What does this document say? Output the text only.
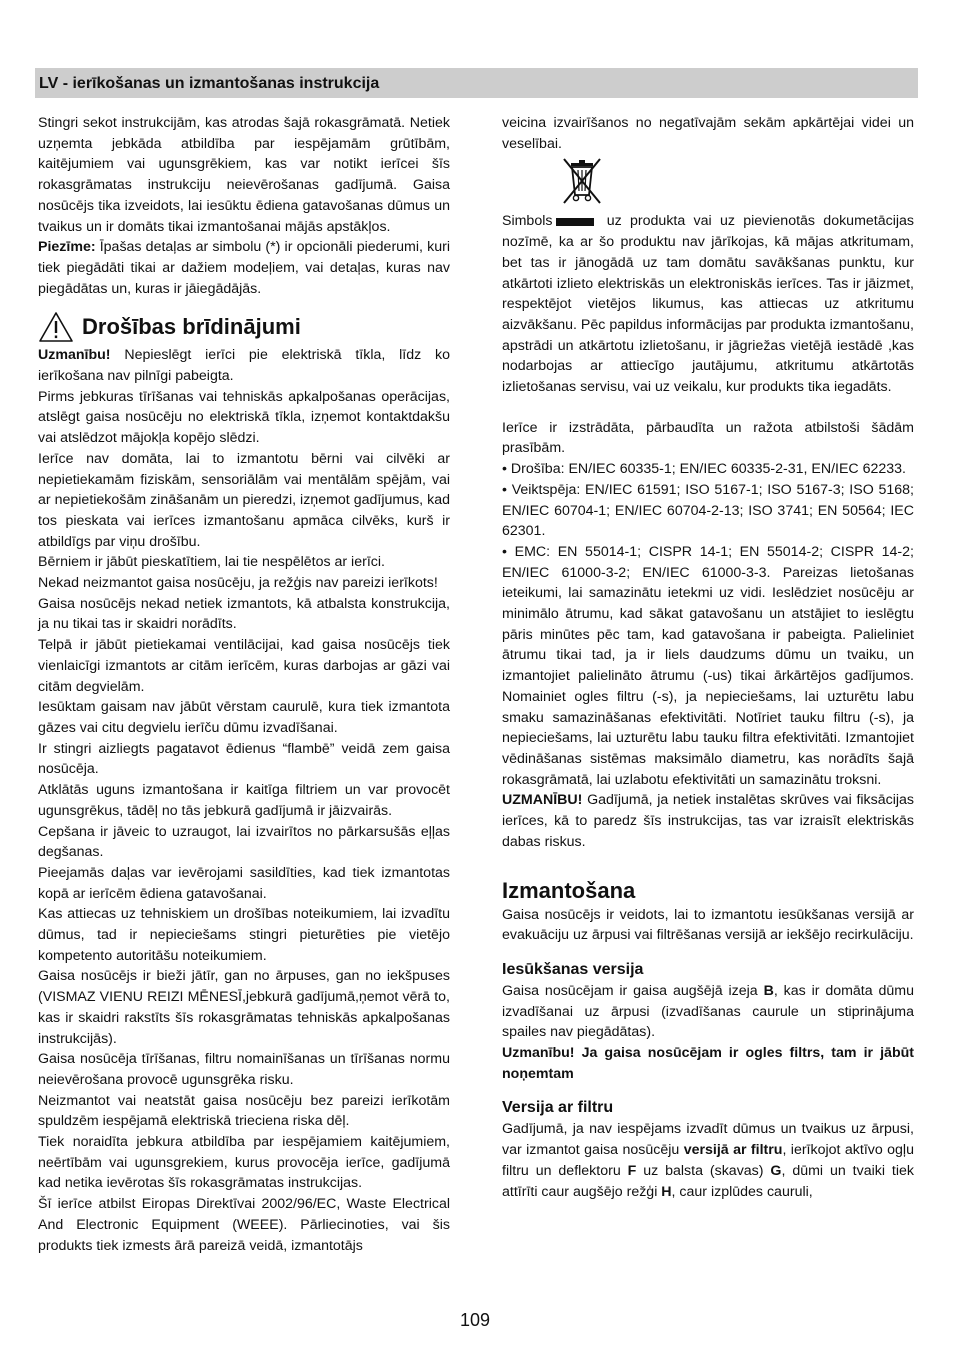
LV - ierīkošanas un izmantošanas instrukcija

Stingri sekot instrukcijām, kas atrodas šajā rokasgrāmatā. Netiek uzņemta jebkāda atbildība par iespējamām grūtībām, kaitējumiem vai ugunsgrēkiem, kas var notikt ierīcei šīs rokasgrāmatas instrukciju neievērošanas gadījumā. Gaisa nosūcējs tika izveidots, lai iesūktu ēdiena gatavošanas dūmus un tvaikus un ir domāts tikai izmantošanai mājās apstākļos.

Piezīme: Īpašas detaļas ar simbolu (*) ir opcionāli piederumi, kuri tiek piegādāti tikai ar dažiem modeļiem, vai detaļas, kuras nav piegādātas un, kuras ir jāiegādājās.

Drošības brīdinājumi

Uzmanību! Nepieslēgt ierīci pie elektriskā tīkla, līdz ko ierīkošana nav pilnīgi pabeigta.

Pirms jebkuras tīrīšanas vai tehniskās apkalpošanas operācijas, atslēgt gaisa nosūcēju no elektriskā tīkla, izņemot kontaktdakšu vai atslēdzot mājokļa kopējo slēdzi.

Ierīce nav domāta, lai to izmantotu bērni vai cilvēki ar nepietiekamām fiziskām, sensoriālām vai mentālām spējām, vai ar nepietiekošām zināšanām un pieredzi, izņemot gadījumus, kad tos pieskata vai ierīces izmantošanu apmāca cilvēks, kurš ir atbildīgs par viņu drošību.

Bērniem ir jābūt pieskatītiem, lai tie nespēlētos ar ierīci.

Nekad neizmantot gaisa nosūcēju, ja režģis nav pareizi ierīkots!

Gaisa nosūcējs nekad netiek izmantots, kā atbalsta konstrukcija, ja nu tikai tas ir skaidri norādīts.

Telpā ir jābūt pietiekamai ventilācijai, kad gaisa nosūcējs tiek vienlaicīgi izmantots ar citām ierīcēm, kuras darbojas ar gāzi vai citām degvielām.

Iesūktam gaisam nav jābūt vērstam caurulē, kura tiek izmantota gāzes vai citu degvielu ierīču dūmu izvadīšanai.

Ir stingri aizliegts pagatavot ēdienus “flambē” veidā zem gaisa nosūcēja.

Atklātās uguns izmantošana ir kaitīga filtriem un var provocēt ugunsgrēkus, tādēļ no tās jebkurā gadījumā ir jāizvairās.

Cepšana ir jāveic to uzraugot, lai izvairītos no pārkarsušās eļļas degšanas.

Pieejamās daļas var ievērojami sasildīties, kad tiek izmantotas kopā ar ierīcēm ēdiena gatavošanai.

Kas attiecas uz tehniskiem un drošības noteikumiem, lai izvadītu dūmus, tad ir nepieciešams stingri pieturēties pie vietējo kompetento autoritāšu noteikumiem.

Gaisa nosūcējs ir bieži jātīr, gan no ārpuses, gan no iekšpuses (VISMAZ VIENU REIZI MĒNESĪ,jebkurā gadījumā,ņemot vērā to, kas ir skaidri rakstīts šīs rokasgrāmatas tehniskās apkalpošanas instrukcijās).

Gaisa nosūcēja tīrīšanas, filtru nomainīšanas un tīrīšanas normu neievērošana provocē ugunsgrēka risku.

Neizmantot vai neatstāt gaisa nosūcēju bez pareizi ierīkotām spuldzēm iespējamā elektriskā trieciena riska dēļ.

Tiek noraidīta jebkura atbildība par iespējamiem kaitējumiem, neērtībām vai ugunsgrekiem, kurus provocēja ierīce, gadījumā kad netika ievērotas šīs rokasgrāmatas instrukcijas.

Šī ierīce atbilst Eiropas Direktīvai 2002/96/EC, Waste Electrical And Electronic Equipment (WEEE). Pārliecinoties, vai šis produkts tiek izmests ārā pareizā veidā, izmantotājs

veicina izvairīšanos no negatīvajām sekām apkārtējai videi un veselībai.

Simbols	uz produkta vai uz pievienotās dokumetācijas nozīmē, ka ar šo produktu nav jārīkojas, kā mājas atkritumam, bet tas ir jānogādā uz tam domātu savākšanas punktu, kur atkārtoti izlieto elektriskās un elektroniskās ierīces. Tas ir jāizmet, respektējot vietējos likumus, kas attiecas uz atkritumu aizvākšanu. Pēc papildus informācijas par produkta izmantošanu, apstrādi un atkārtotu izlietošanu, ir jāgriežas vietējā iestādē ,kas nodarbojas ar attiecīgo jautājumu, atkritumu atkārtotās izlietošanas servisu, vai uz veikalu, kur produkts tika iegadāts.

Ierīce ir izstrādāta, pārbaudīta un ražota atbilstoši šādām prasībām.

• Drošība: EN/IEC 60335-1; EN/IEC 60335-2-31, EN/IEC 62233.

• Veiktspēja: EN/IEC 61591; ISO 5167-1; ISO 5167-3; ISO 5168; EN/IEC 60704-1; EN/IEC 60704-2-13; ISO 3741; EN 50564; IEC 62301.

• EMC: EN 55014-1; CISPR 14-1; EN 55014-2; CISPR 14-2; EN/IEC 61000-3-2; EN/IEC 61000-3-3. Pareizas lietošanas ieteikumi, lai samazinātu ietekmi uz vidi. Ieslēdziet nosūcēju ar minimālo ātrumu, kad sākat gatavošanu un atstājiet to ieslēgtu pāris minūtes pēc tam, kad gatavošana ir pabeigta. Palieliniet ātrumu tikai tad, ja ir liels daudzums dūmu un tvaiku, un izmantojiet palielināto ātrumu (-us) tikai ārkārtējos gadījumos. Nomainiet ogles filtru (-s), ja nepieciešams, lai uzturētu labu smaku samazināšanas efektivitāti. Notīriet tauku filtru (-s), ja nepieciešams, lai uzturētu labu tauku filtra efektivitāti. Izmantojiet vēdināšanas sistēmas maksimālo diametru, kas norādīts šajā rokasgrāmatā, lai uzlabotu efektivitāti un samazinātu troksni.

UZMANĪBU! Gadījumā, ja netiek instalētas skrūves vai fiksācijas ierīces, kā to paredz šīs instrukcijas, tas var izraisīt elektriskās dabas riskus.

Izmantošana

Gaisa nosūcējs ir veidots, lai to izmantotu iesūkšanas versijā ar evakuāciju uz ārpusi vai filtrēšanas versijā ar iekšējo recirkulāciju.

Iesūkšanas versija

Gaisa nosūcējam ir gaisa augšējā izeja B, kas ir domāta dūmu izvadīšanai uz ārpusi (izvadīšanas caurule un stiprinājuma spailes nav piegādātas).

Uzmanību! Ja gaisa nosūcējam ir ogles filtrs, tam ir jābūt noņemtam

Versija ar filtru

Gadījumā, ja nav iespējams izvadīt dūmus un tvaikus uz ārpusi, var izmantot gaisa nosūcēju versijā ar filtru, ierīkojot aktīvo ogļu filtru un deflektoru F uz balsta (skavas) G, dūmi un tvaiki tiek attīrīti caur augšējo režģi H, caur izplūdes cauruli,

109
